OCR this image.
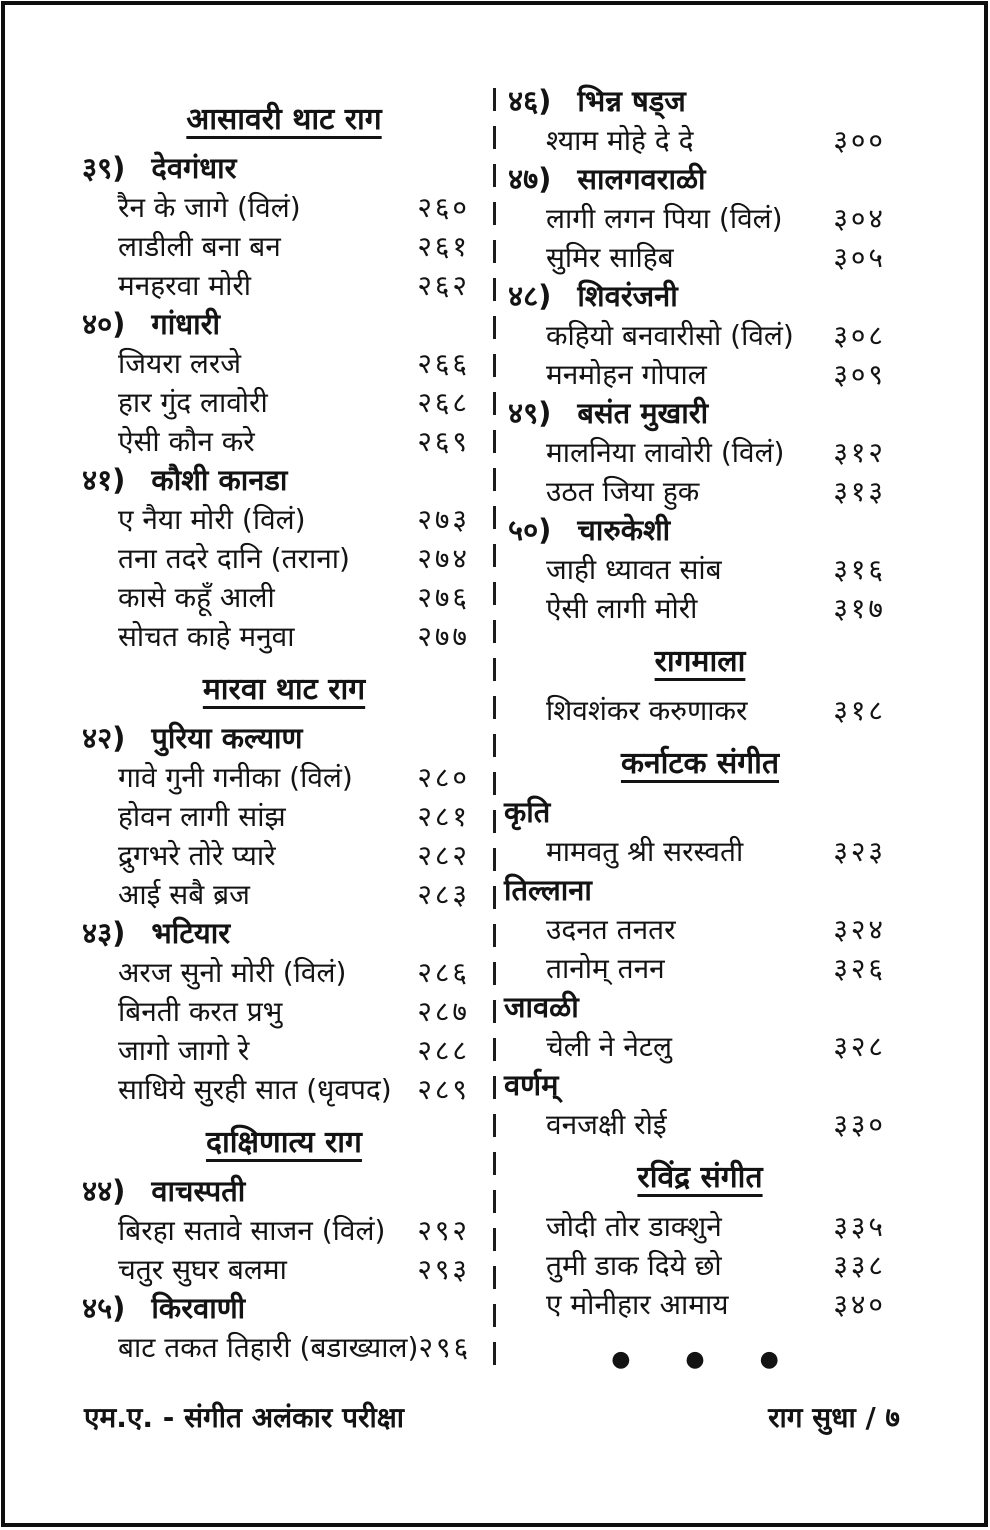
आसावरी थाट राग
३९) देवगंधार
रैन के जागे (विलं)	२६०
लाडीली बना बन	२६१
मनहरवा मोरी	२६२
४०) गांधारी
जियरा लरजे	२६६
हार गुंद लावोरी	२६८
ऐसी कौन करे	२६९
४१) कौशी कानडा
ए नैया मोरी (विलं)	२७३
तना तदरे दानि (तराना) २७४
कासे कहूँ आली	२७६
सोचत काहे मनुवा	२७७
मारवा थाट राग
४२) पुरिया कल्याण
गावे गुनी गनीका (विलं) २८०
होवन लागी सांझ	२८१
द्रुगभरे तोरे प्यारे	२८२
आई सबै ब्रज	२८३
४३) भटियार
अरज सुनो मोरी (विलं)	२८६
बिनती करत प्रभु	२८७
जागो जागो रे	२८८
साधिये सुरही सात (धृवपद) २८९
दाक्षिणात्य राग
४४) वाचस्पती
बिरहा सतावे साजन (विलं) २९२
चतुर सुघर बलमा	२९३
४५) किरवाणी
बाट तकत तिहारी (बडाख्याल) २९६
४६) भिन्न षड्ज
श्याम मोहे दे दे	३००
४७) सालगवराळी
लागी लगन पिया (विलं) ३०४
सुमिर साहिब	३०५
४८) शिवरंजनी
कहियो बनवारीसो (विलं) ३०८
मनमोहन गोपाल	३०९
४९) बसंत मुखारी
मालनिया लावोरी (विलं) ३१२
उठत जिया हुक	३१३
५०) चारुकेशी
जाही ध्यावत सांब	३१६
ऐसी लागी मोरी	३१७
रागमाला
शिवशंकर करुणाकर	३१८
कर्नाटक संगीत
कृति
मामवतु श्री सरस्वती	३२३
तिल्लाना
उदनत तनतर	३२४
तानोम् तनन	३२६
जावळी
चेली ने नेटलु	३२८
वर्णम्
वनजक्षी रोई	३३०
रविंद्र संगीत
जोदी तोर डाक्शुने	३३५
तुमी डाक दिये छो	३३८
ए मोनीहार आमाय	३४०
● ● ●
एम.ए. - संगीत अलंकार परीक्षा	राग सुधा / ७
